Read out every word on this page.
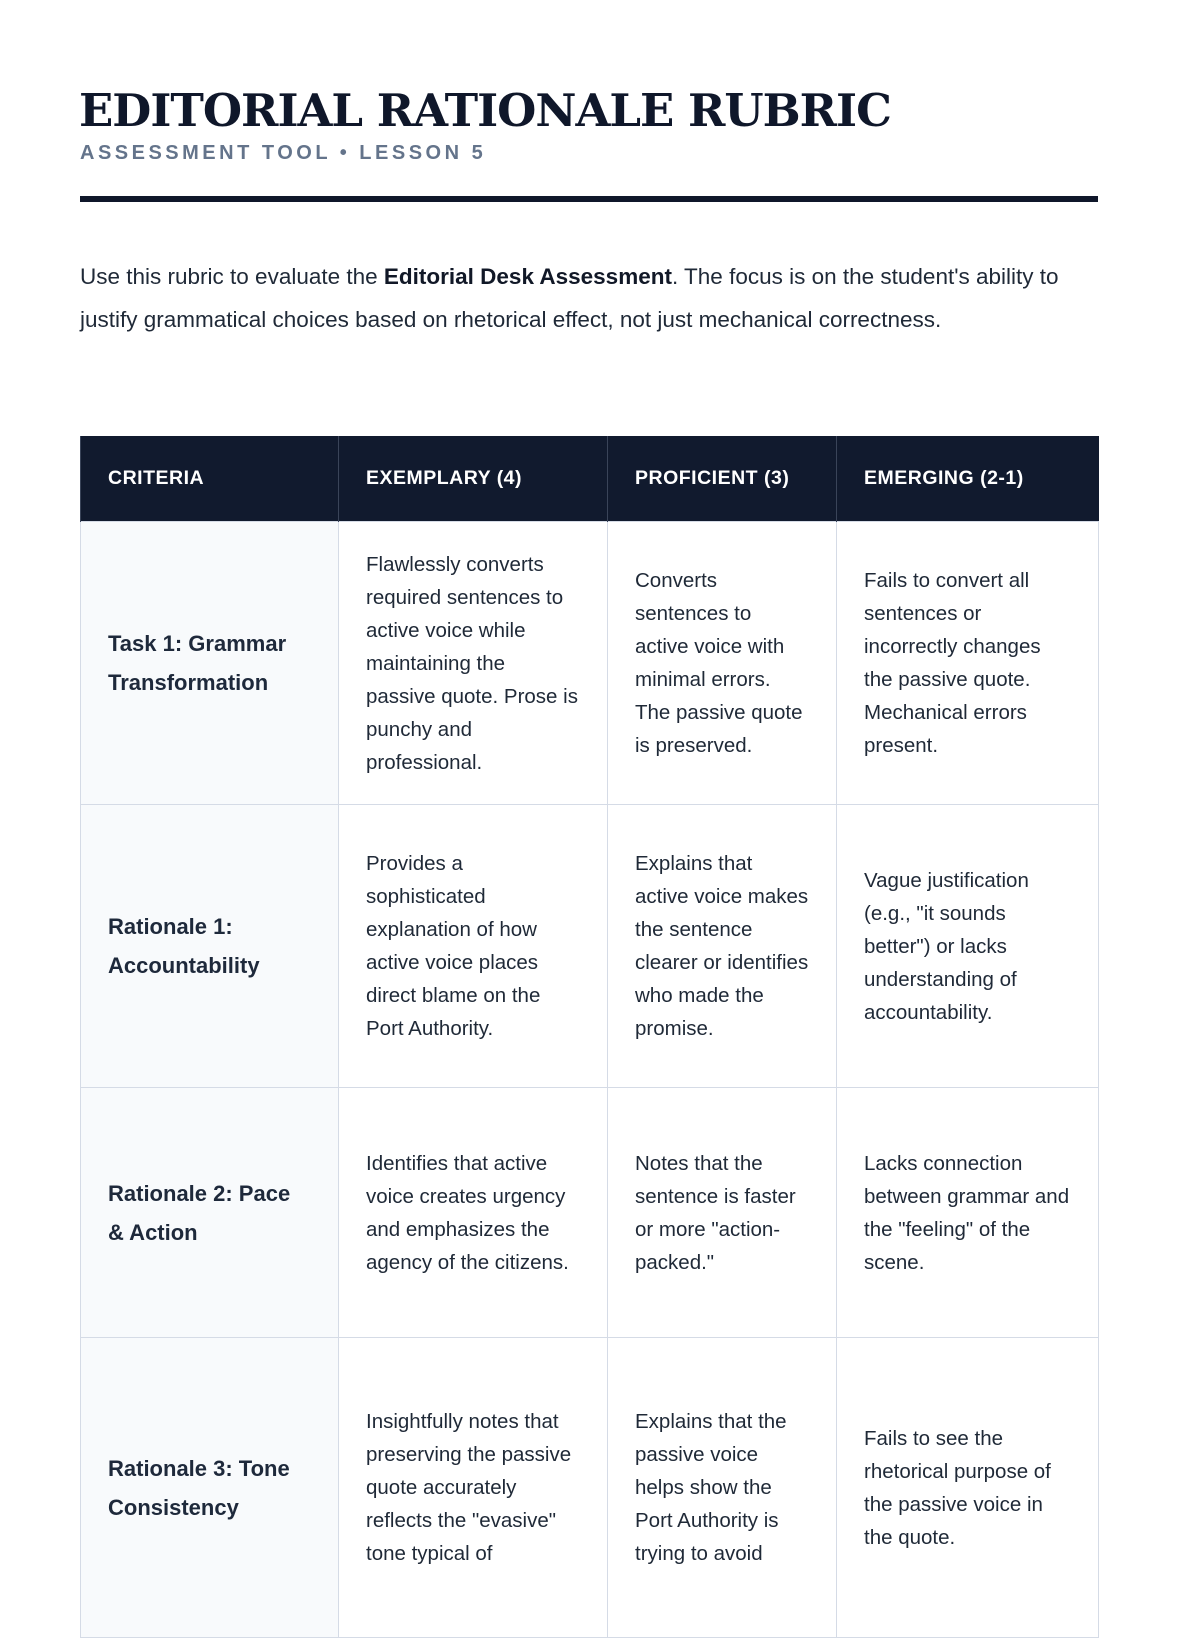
EDITORIAL RATIONALE RUBRIC
ASSESSMENT TOOL • LESSON 5

Use this rubric to evaluate the Editorial Desk Assessment. The focus is on the student's ability to justify grammatical choices based on rhetorical effect, not just mechanical correctness.

CRITERIA	EXEMPLARY (4)	PROFICIENT (3)	EMERGING (2-1)
Task 1: Grammar Transformation	Flawlessly converts required sentences to active voice while maintaining the passive quote. Prose is punchy and professional.	Converts sentences to active voice with minimal errors. The passive quote is preserved.	Fails to convert all sentences or incorrectly changes the passive quote. Mechanical errors present.
Rationale 1: Accountability	Provides a sophisticated explanation of how active voice places direct blame on the Port Authority.	Explains that active voice makes the sentence clearer or identifies who made the promise.	Vague justification (e.g., "it sounds better") or lacks understanding of accountability.
Rationale 2: Pace & Action	Identifies that active voice creates urgency and emphasizes the agency of the citizens.	Notes that the sentence is faster or more "action-packed."	Lacks connection between grammar and the "feeling" of the scene.
Rationale 3: Tone Consistency	Insightfully notes that preserving the passive quote accurately reflects the "evasive" tone typical of	Explains that the passive voice helps show the Port Authority is trying to avoid	Fails to see the rhetorical purpose of the passive voice in the quote.
